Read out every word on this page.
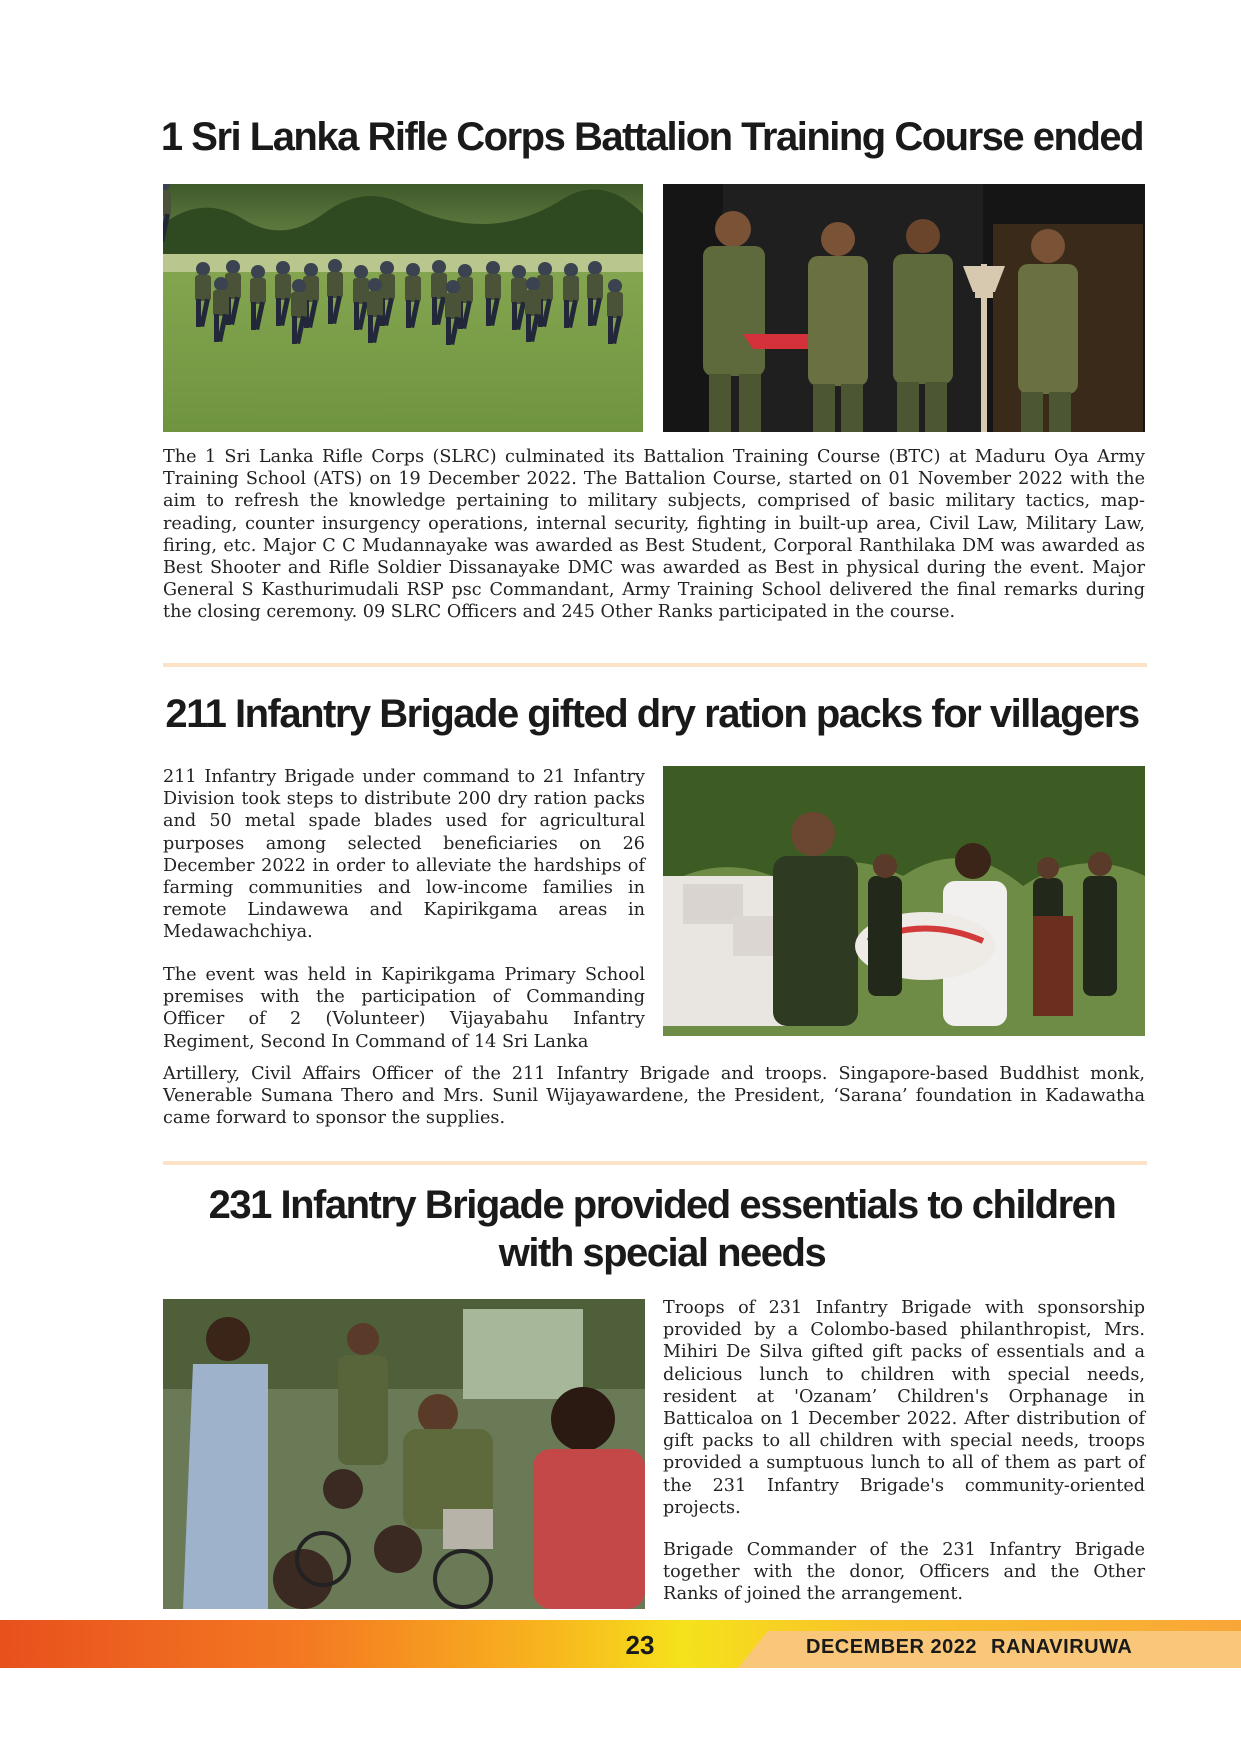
1 Sri Lanka Rifle Corps Battalion Training Course ended

The 1 Sri Lanka Rifle Corps (SLRC) culminated its Battalion Training Course (BTC) at Maduru Oya Army Training School (ATS) on 19 December 2022. The Battalion Course, started on 01 November 2022 with the aim to refresh the knowledge pertaining to military subjects, comprised of basic military tactics, map-reading, counter insurgency operations, internal security, fighting in built-up area, Civil Law, Military Law, firing, etc. Major C C Mudannayake was awarded as Best Student, Corporal Ranthilaka DM was awarded as Best Shooter and Rifle Soldier Dissanayake DMC was awarded as Best in physical during the event. Major General S Kasthurimudali RSP psc Commandant, Army Training School delivered the final remarks during the closing ceremony. 09 SLRC Officers and 245 Other Ranks participated in the course.

211 Infantry Brigade gifted dry ration packs for villagers

211 Infantry Brigade under command to 21 Infantry Division took steps to distribute 200 dry ration packs and 50 metal spade blades used for agricultural purposes among selected beneficiaries on 26 December 2022 in order to alleviate the hardships of farming communities and low-income families in remote Lindawewa and Kapirikgama areas in Medawachchiya.

The event was held in Kapirikgama Primary School premises with the participation of Commanding Officer of 2 (Volunteer) Vijayabahu Infantry Regiment, Second In Command of 14 Sri Lanka

Artillery, Civil Affairs Officer of the 211 Infantry Brigade and troops. Singapore-based Buddhist monk, Venerable Sumana Thero and Mrs. Sunil Wijayawardene, the President, ‘Sarana’ foundation in Kadawatha came forward to sponsor the supplies.

231 Infantry Brigade provided essentials to children with special needs

Troops of 231 Infantry Brigade with sponsorship provided by a Colombo-based philanthropist, Mrs. Mihiri De Silva gifted gift packs of essentials and a delicious lunch to children with special needs, resident at 'Ozanam’ Children's Orphanage in Batticaloa on 1 December 2022. After distribution of gift packs to all children with special needs, troops provided a sumptuous lunch to all of them as part of the 231 Infantry Brigade's community-oriented projects.

Brigade Commander of the 231 Infantry Brigade together with the donor, Officers and the Other Ranks of joined the arrangement.

23	DECEMBER 2022 RANAVIRUWA
